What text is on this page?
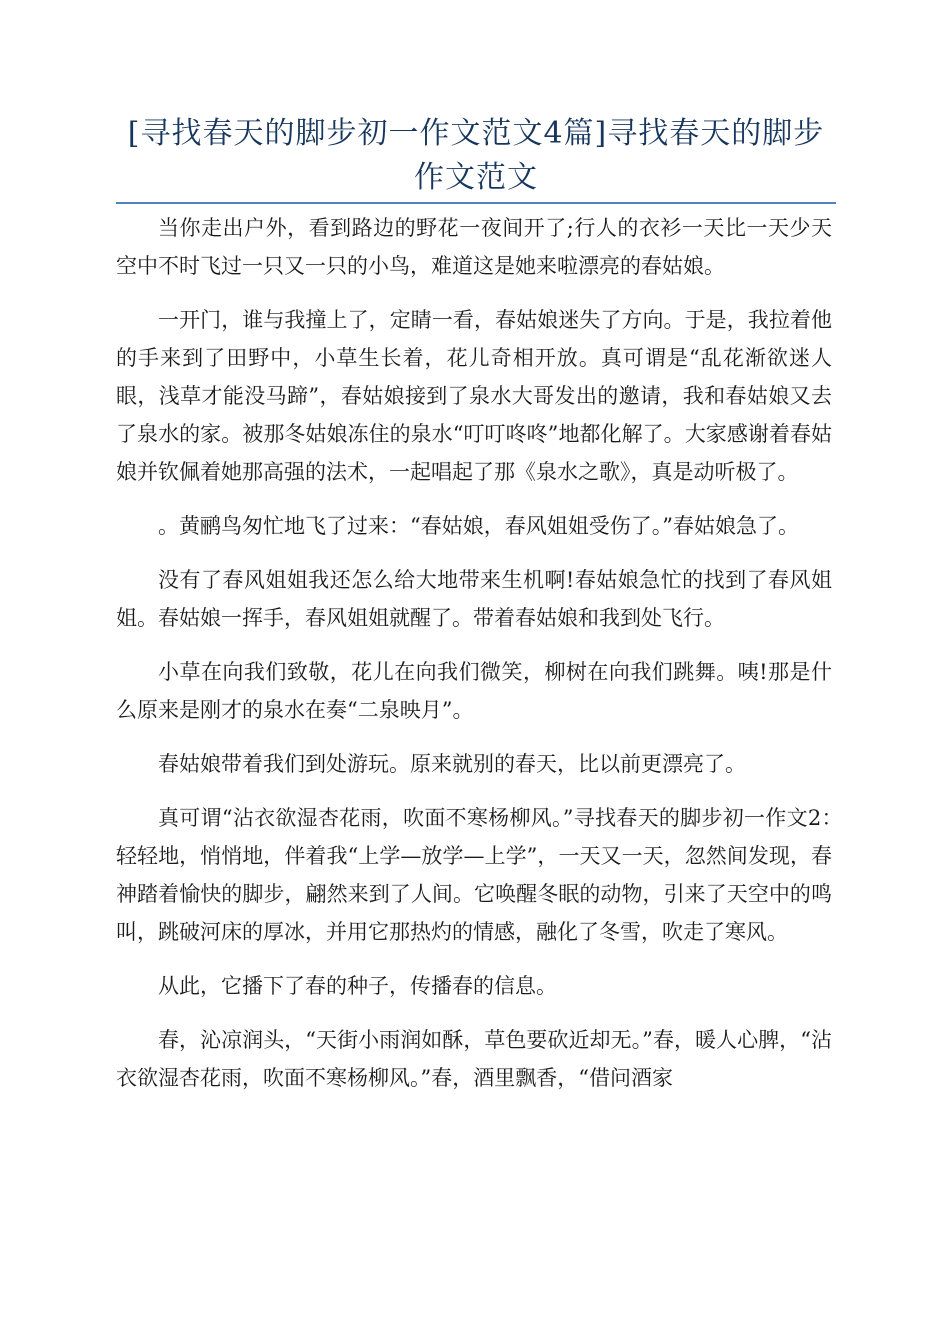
[寻找春天的脚步初一作文范文4篇]寻找春天的脚步作文范文

当你走出户外，看到路边的野花一夜间开了;行人的衣衫一天比一天少天空中不时飞过一只又一只的小鸟，难道这是她来啦漂亮的春姑娘。

一开门，谁与我撞上了，定睛一看，春姑娘迷失了方向。于是，我拉着他的手来到了田野中，小草生长着，花儿奇相开放。真可谓是“乱花渐欲迷人眼，浅草才能没马蹄”，春姑娘接到了泉水大哥发出的邀请，我和春姑娘又去了泉水的家。被那冬姑娘冻住的泉水“叮叮咚咚”地都化解了。大家感谢着春姑娘并钦佩着她那高强的法术，一起唱起了那《泉水之歌》，真是动听极了。

。黄鹂鸟匆忙地飞了过来：“春姑娘，春风姐姐受伤了。”春姑娘急了。

没有了春风姐姐我还怎么给大地带来生机啊!春姑娘急忙的找到了春风姐姐。春姑娘一挥手，春风姐姐就醒了。带着春姑娘和我到处飞行。

小草在向我们致敬，花儿在向我们微笑，柳树在向我们跳舞。咦!那是什么原来是刚才的泉水在奏“二泉映月”。

春姑娘带着我们到处游玩。原来就别的春天，比以前更漂亮了。

真可谓“沾衣欲湿杏花雨，吹面不寒杨柳风。”寻找春天的脚步初一作文2：　 轻轻地，悄悄地，伴着我“上学—放学—上学”，一天又一天，忽然间发现，春神踏着愉快的脚步，翩然来到了人间。它唤醒冬眠的动物，引来了天空中的鸣叫，跳破河床的厚冰，并用它那热灼的情感，融化了冬雪，吹走了寒风。

从此，它播下了春的种子，传播春的信息。

春，沁凉润头，“天街小雨润如酥，草色要砍近却无。”春，暖人心脾，“沾衣欲湿杏花雨，吹面不寒杨柳风。”春，酒里飘香，“借问酒家
